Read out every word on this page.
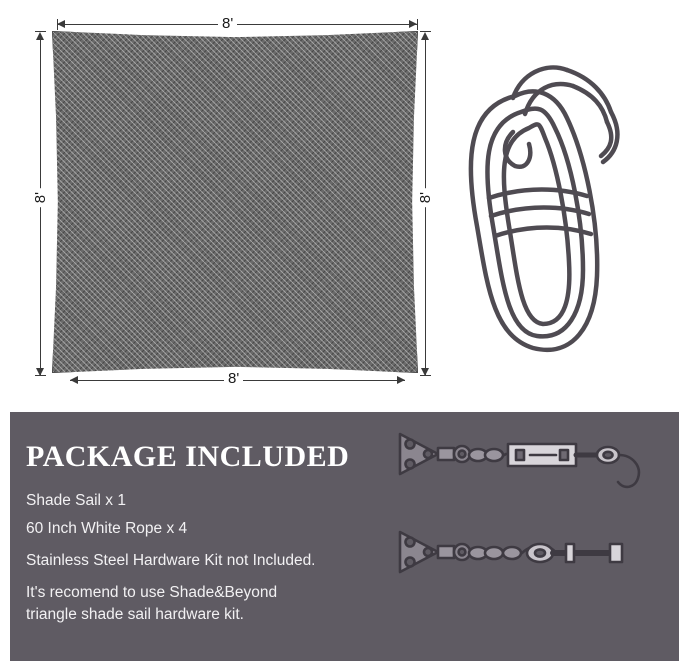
8'
8'
8'	8'
PACKAGE INCLUDED
Shade Sail x 1
60 Inch White Rope x 4
Stainless Steel Hardware Kit not Included.
It's recomend to use Shade&Beyond
triangle shade sail hardware kit.
